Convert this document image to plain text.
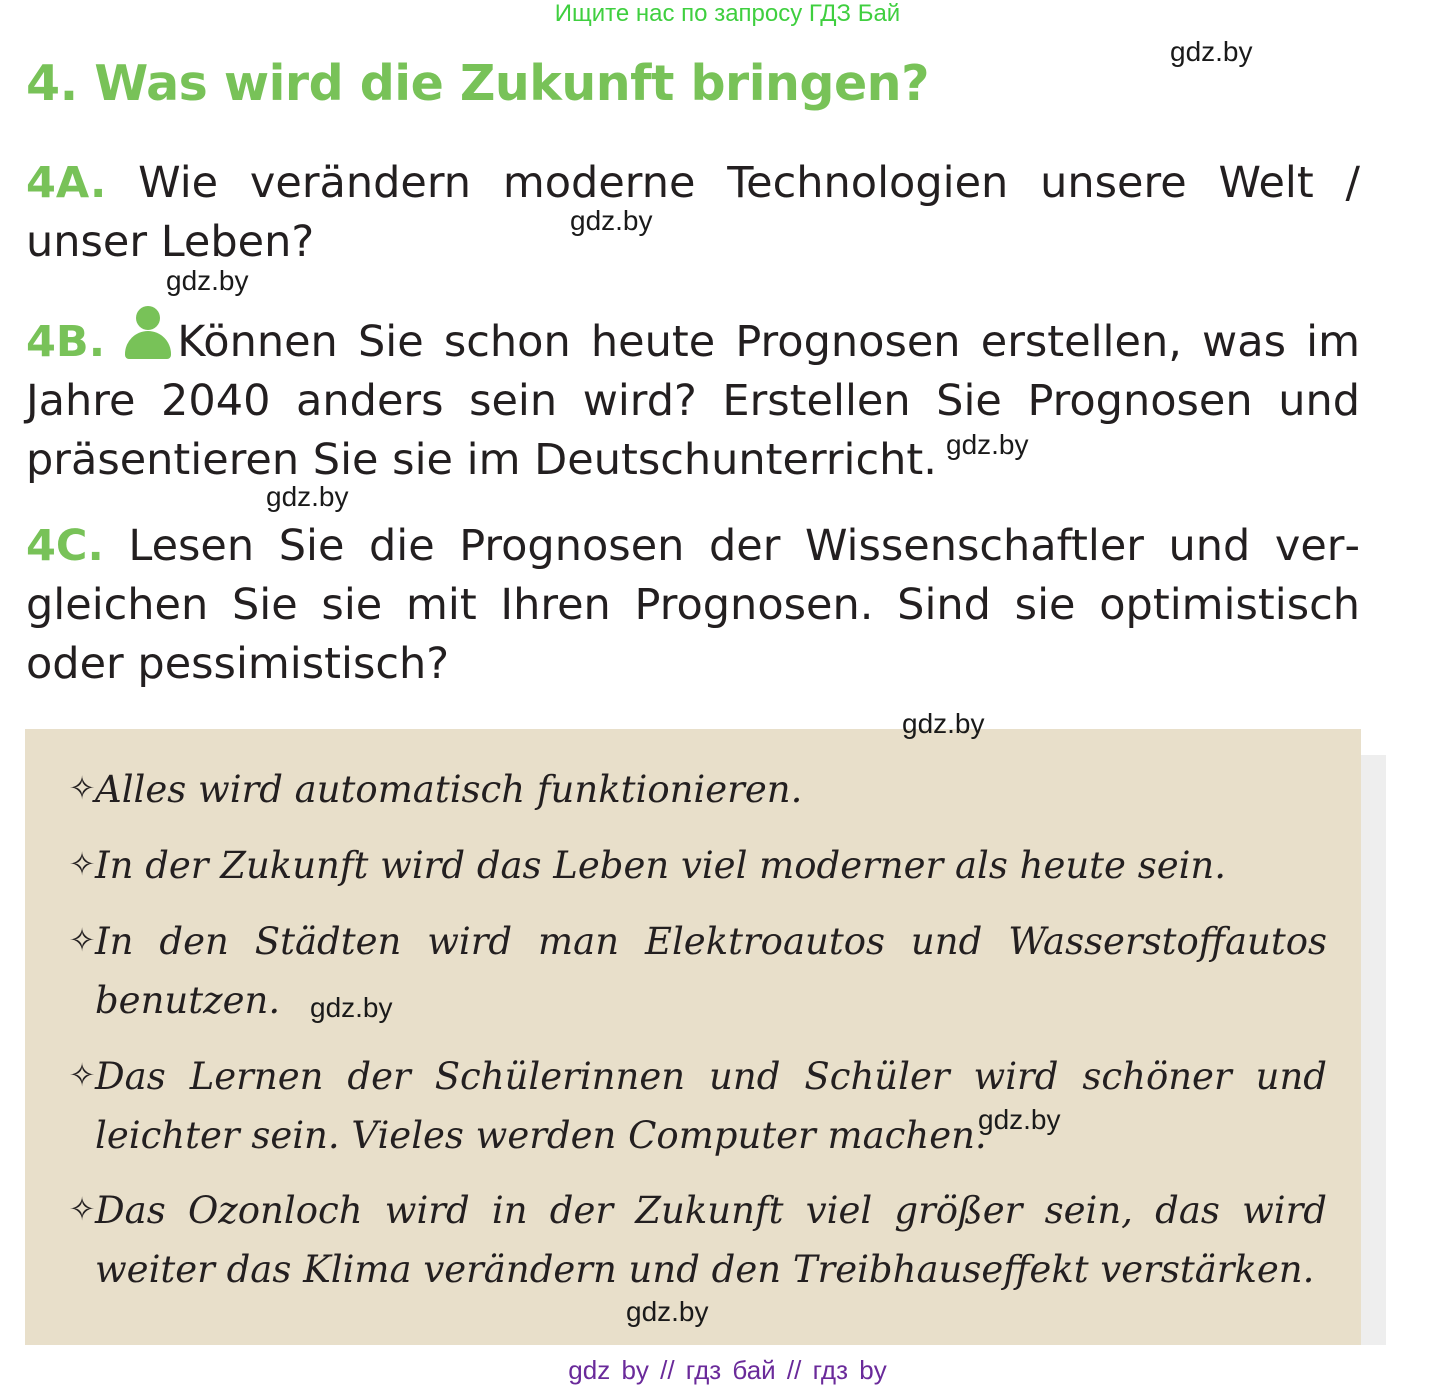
Ищите нас по запросу ГДЗ Бай
4. Was wird die Zukunft bringen?
4A. Wie verändern moderne Technologien unsere Welt / unser Leben?
4B. Können Sie schon heute Prognosen erstellen, was im Jahre 2040 anders sein wird? Erstellen Sie Prognosen und präsentieren Sie sie im Deutschunterricht.
4C. Lesen Sie die Prognosen der Wissenschaftler und vergleichen Sie sie mit Ihren Prognosen. Sind sie optimistisch oder pessimistisch?
✧ Alles wird automatisch funktionieren.
✧ In der Zukunft wird das Leben viel moderner als heute sein.
✧ In den Städten wird man Elektroautos und Wasserstoffautos benutzen.
✧ Das Lernen der Schülerinnen und Schüler wird schöner und leichter sein. Vieles werden Computer machen.
✧ Das Ozonloch wird in der Zukunft viel größer sein, das wird weiter das Klima verändern und den Treibhauseffekt verstärken.
gdz.by
gdz.by
gdz.by
gdz.by
gdz.by
gdz.by
gdz.by
gdz.by
gdz.by
gdz by // гдз бай // гдз by
